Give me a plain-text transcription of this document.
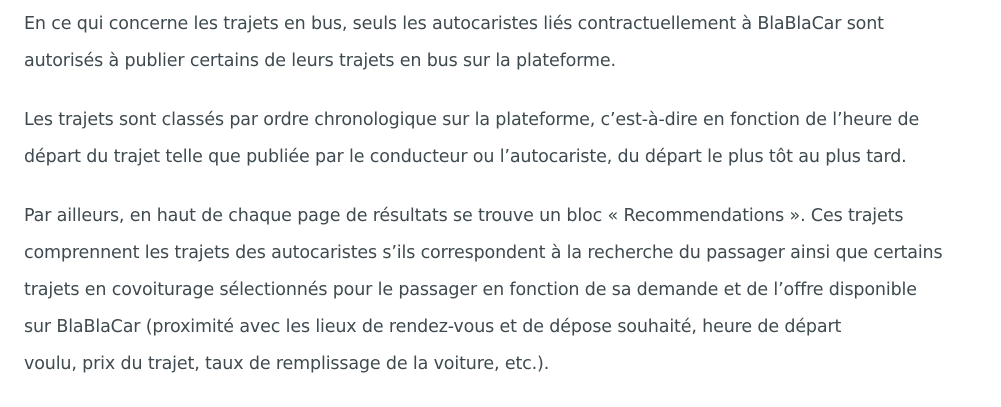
En ce qui concerne les trajets en bus, seuls les autocaristes liés contractuellement à BlaBlaCar sont
autorisés à publier certains de leurs trajets en bus sur la plateforme.

Les trajets sont classés par ordre chronologique sur la plateforme, c’est-à-dire en fonction de l’heure de
départ du trajet telle que publiée par le conducteur ou l’autocariste, du départ le plus tôt au plus tard.

Par ailleurs, en haut de chaque page de résultats se trouve un bloc « Recommendations ». Ces trajets
comprennent les trajets des autocaristes s’ils correspondent à la recherche du passager ainsi que certains
trajets en covoiturage sélectionnés pour le passager en fonction de sa demande et de l’offre disponible
sur BlaBlaCar (proximité avec les lieux de rendez-vous et de dépose souhaité, heure de départ
voulu, prix du trajet, taux de remplissage de la voiture, etc.).
